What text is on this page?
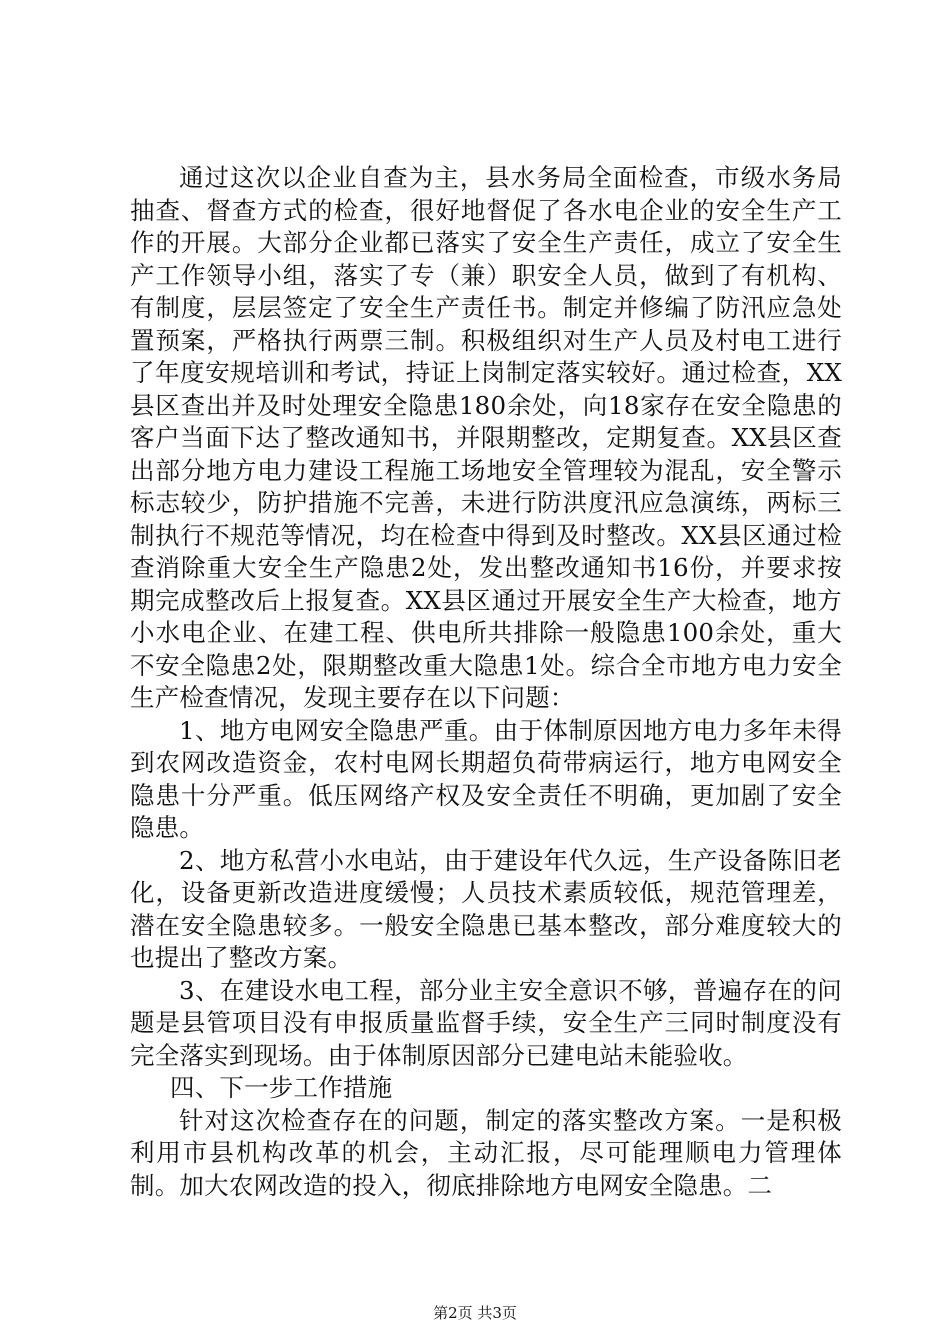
通过这次以企业自查为主，县水务局全面检查，市级水务局抽查、督查方式的检查，很好地督促了各水电企业的安全生产工作的开展。大部分企业都已落实了安全生产责任，成立了安全生产工作领导小组，落实了专（兼）职安全人员，做到了有机构、有制度，层层签定了安全生产责任书。制定并修编了防汛应急处置预案，严格执行两票三制。积极组织对生产人员及村电工进行了年度安规培训和考试，持证上岗制定落实较好。通过检查，XX县区查出并及时处理安全隐患180余处，向18家存在安全隐患的客户当面下达了整改通知书，并限期整改，定期复查。XX县区查出部分地方电力建设工程施工场地安全管理较为混乱，安全警示标志较少，防护措施不完善，未进行防洪度汛应急演练，两标三制执行不规范等情况，均在检查中得到及时整改。XX县区通过检查消除重大安全生产隐患2处，发出整改通知书16份，并要求按期完成整改后上报复查。XX县区通过开展安全生产大检查，地方小水电企业、在建工程、供电所共排除一般隐患100余处，重大不安全隐患2处，限期整改重大隐患1处。综合全市地方电力安全生产检查情况，发现主要存在以下问题：

1、地方电网安全隐患严重。由于体制原因地方电力多年未得到农网改造资金，农村电网长期超负荷带病运行，地方电网安全隐患十分严重。低压网络产权及安全责任不明确，更加剧了安全隐患。

2、地方私营小水电站，由于建设年代久远，生产设备陈旧老化，设备更新改造进度缓慢；人员技术素质较低，规范管理差，潜在安全隐患较多。一般安全隐患已基本整改，部分难度较大的也提出了整改方案。

3、在建设水电工程，部分业主安全意识不够，普遍存在的问题是县管项目没有申报质量监督手续，安全生产三同时制度没有完全落实到现场。由于体制原因部分已建电站未能验收。

四、下一步工作措施

针对这次检查存在的问题，制定的落实整改方案。一是积极利用市县机构改革的机会，主动汇报，尽可能理顺电力管理体制。加大农网改造的投入，彻底排除地方电网安全隐患。二

第2页 共3页
